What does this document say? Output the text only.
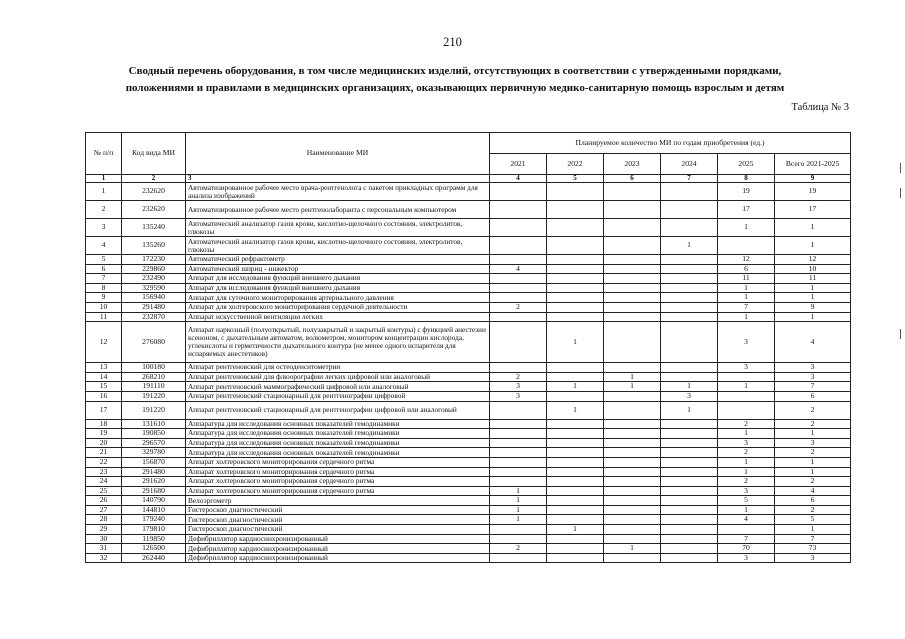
210
Сводный перечень оборудования, в том числе медицинских изделий, отсутствующих в соответствии с утвержденными порядками,
положениями и правилами в медицинских организациях, оказывающих первичную медико-санитарную помощь взрослым и детям
Таблица № 3
№ п/п	Код вида МИ	Наименование МИ	Планируемое количество МИ по годам приобретения (ед.)					
			2021	2022	2023	2024	2025	Всего 2021-2025
1	2	3	4	5	6	7	8	9
1	232620	Автоматизированное рабочее место врача-рентгенолога с пакетом прикладных программ для анализа изображений					19	19
2	232620	Автоматизированное рабочее место рентгенолаборанта с персональным компьютером					17	17
3	135240	Автоматический анализатор газов крови, кислотно-щелочного состояния, электролитов, глюкозы					1	1
4	135260	Автоматический анализатор газов крови, кислотно-щелочного состояния, электролитов, глюкозы				1		1
5	172230	Автоматический рефрактометр					12	12
6	229860	Автоматический шприц - инжектор	4				6	10
7	232490	Аппарат для исследования функций внешнего дыхания					11	11
8	329590	Аппарат для исследования функций внешнего дыхания					1	1
9	156940	Аппарат для суточного мониторирования артериального давления					1	1
10	291480	Аппарат для холтеровского мониторирования сердечной деятельности	2				7	9
11	232870	Аппарат искусственной вентиляции легких					1	1
12	276080	Аппарат наркозный (полуоткрытый, полузакрытый и закрытый контуры) с функцией анестезии ксеноном, с дыхательным автоматом, волюметром, монитором концентрации кислорода, углекислоты и герметичности дыхательного контура (не менее одного испарителя для испаряемых анестетиков)		1			3	4
13	100180	Аппарат рентгеновский для остеоденситометрии					3	3
14	268210	Аппарат рентгеновский для флюорографии легких цифровой или аналоговый	2		1			3
15	191110	Аппарат рентгеновский маммографический цифровой или аналоговый	3	1	1	1	1	7
16	191220	Аппарат рентгеновский стационарный для рентгенографии цифровой	3			3		6
17	191220	Аппарат рентгеновский стационарный для рентгенографии цифровой или аналоговый		1		1		2
18	131610	Аппаратура для исследования основных показателей гемодинамики					2	2
19	190850	Аппаратура для исследования основных показателей гемодинамики					1	1
20	296570	Аппаратура для исследования основных показателей гемодинамики					3	3
21	329780	Аппаратура для исследования основных показателей гемодинамики					2	2
22	156870	Аппарат холтеровского мониторирования сердечного ритма					1	1
23	291480	Аппарат холтеровского мониторирования сердечного ритма					1	1
24	291620	Аппарат холтеровского мониторирования сердечного ритма					2	2
25	291680	Аппарат холтеровского мониторирования сердечного ритма	1				3	4
26	140790	Велоэргометр	1				5	6
27	144810	Гистероскоп диагностический	1				1	2
28	179240	Гистероскоп диагностический	1				4	5
29	179810	Гистероскоп диагностический		1				1
30	119850	Дефибриллятор кардиосинхронизированный					7	7
31	126500	Дефибриллятор кардиосинхронизированный	2		1		70	73
32	262440	Дефибриллятор кардиосинхронизированный					3	3
